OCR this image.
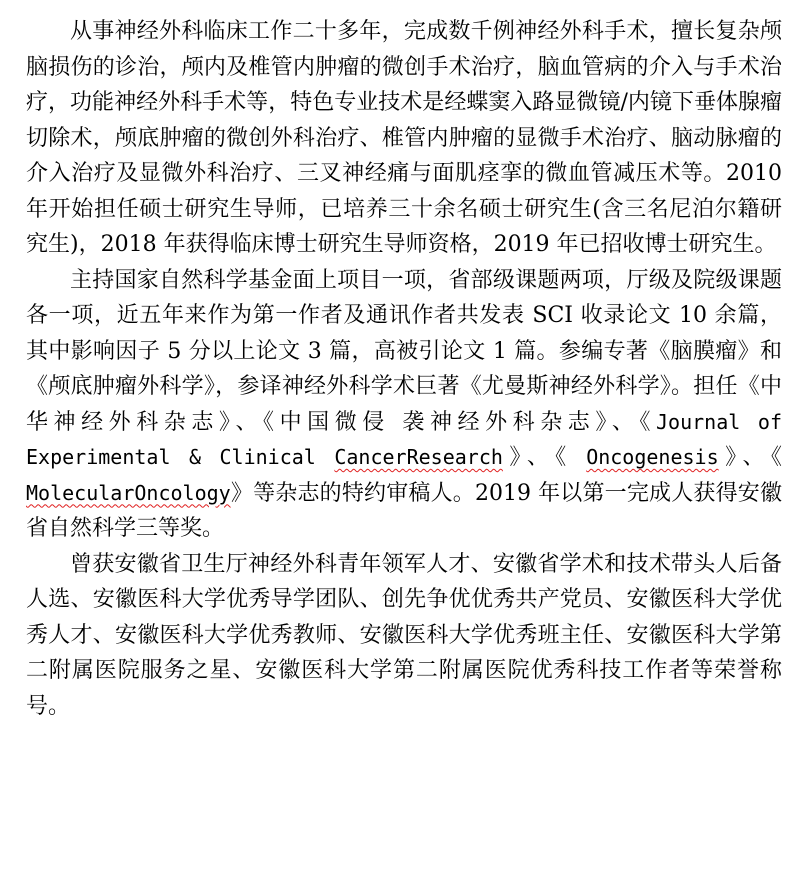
从事神经外科临床工作二十多年，完成数千例神经外科手术，擅长复杂颅脑损伤的诊治，颅内及椎管内肿瘤的微创手术治疗，脑血管病的介入与手术治疗，功能神经外科手术等，特色专业技术是经蝶窦入路显微镜/内镜下垂体腺瘤切除术，颅底肿瘤的微创外科治疗、椎管内肿瘤的显微手术治疗、脑动脉瘤的介入治疗及显微外科治疗、三叉神经痛与面肌痉挛的微血管减压术等。2010 年开始担任硕士研究生导师，已培养三十余名硕士研究生(含三名尼泊尔籍研究生)，2018 年获得临床博士研究生导师资格，2019 年已招收博士研究生。

主持国家自然科学基金面上项目一项，省部级课题两项，厅级及院级课题各一项，近五年来作为第一作者及通讯作者共发表 SCI 收录论文 10 余篇，其中影响因子 5 分以上论文 3 篇，高被引论文 1 篇。参编专著《脑膜瘤》和《颅底肿瘤外科学》，参译神经外科学术巨著《尤曼斯神经外科学》。担任《中华神经外科杂志》、《中国微侵 袭神经外科杂志》、《Journal of Experimental & Clinical CancerResearch》、《 Oncogenesis》、《 MolecularOncology》等杂志的特约审稿人。2019 年以第一完成人获得安徽省自然科学三等奖。

曾获安徽省卫生厅神经外科青年领军人才、安徽省学术和技术带头人后备人选、安徽医科大学优秀导学团队、创先争优优秀共产党员、安徽医科大学优秀人才、安徽医科大学优秀教师、安徽医科大学优秀班主任、安徽医科大学第二附属医院服务之星、安徽医科大学第二附属医院优秀科技工作者等荣誉称号。
